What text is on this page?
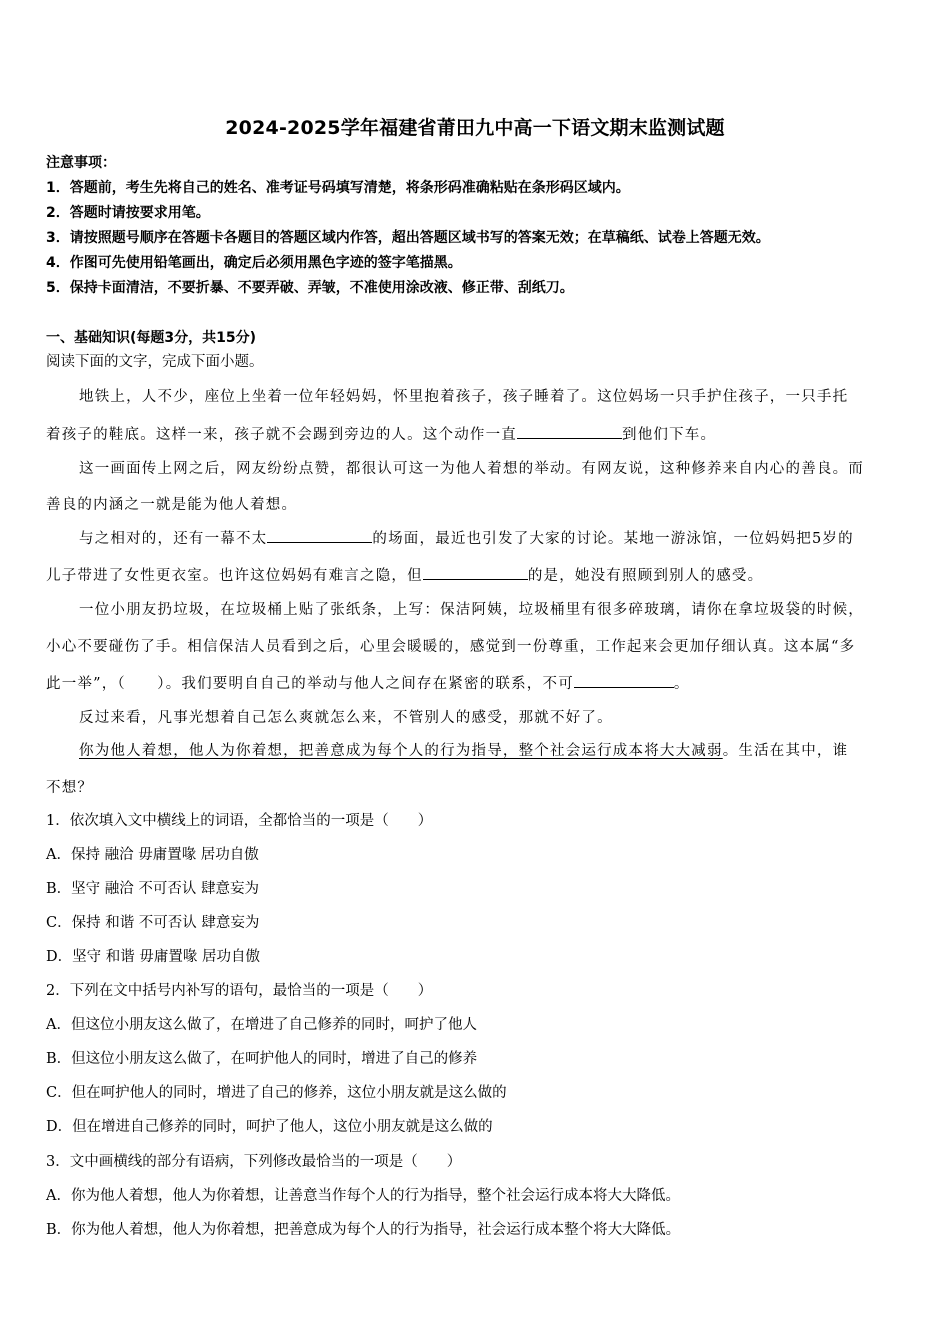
2024-2025学年福建省莆田九中高一下语文期末监测试题
注意事项：
1．答题前，考生先将自己的姓名、准考证号码填写清楚，将条形码准确粘贴在条形码区域内。
2．答题时请按要求用笔。
3．请按照题号顺序在答题卡各题目的答题区域内作答，超出答题区域书写的答案无效；在草稿纸、试卷上答题无效。
4．作图可先使用铅笔画出，确定后必须用黑色字迹的签字笔描黑。
5．保持卡面清洁，不要折暴、不要弄破、弄皱，不准使用涂改液、修正带、刮纸刀。
一、基础知识(每题3分，共15分)
阅读下面的文字，完成下面小题。
地铁上，人不少，座位上坐着一位年轻妈妈，怀里抱着孩子，孩子睡着了。这位妈场一只手护住孩子，一只手托
着孩子的鞋底。这样一来，孩子就不会踢到旁边的人。这个动作一直	到他们下车。
这一画面传上网之后，网友纷纷点赞，都很认可这一为他人着想的举动。有网友说，这种修养来自内心的善良。而
善良的内涵之一就是能为他人着想。
与之相对的，还有一幕不太	的场面，最近也引发了大家的讨论。某地一游泳馆，一位妈妈把5岁的
儿子带进了女性更衣室。也许这位妈妈有难言之隐，但	的是，她没有照顾到别人的感受。
一位小朋友扔垃圾，在垃圾桶上贴了张纸条，上写：保洁阿姨，垃圾桶里有很多碎玻璃，请你在拿垃圾袋的时候，
小心不要碰伤了手。相信保洁人员看到之后，心里会暖暖的，感觉到一份尊重，工作起来会更加仔细认真。这本属“多
此一举”，（　　）。我们要明自自己的举动与他人之间存在紧密的联系，不可	。
反过来看，凡事光想着自己怎么爽就怎么来，不管别人的感受，那就不好了。
你为他人着想，他人为你着想，把善意成为每个人的行为指导，整个社会运行成本将大大减弱。生活在其中，谁
不想？
1．依次填入文中横线上的词语，全都恰当的一项是（　　）
A．保持 融洽 毋庸置喙 居功自傲
B．坚守 融洽 不可否认 肆意妄为
C．保持 和谐 不可否认 肆意妄为
D．坚守 和谐 毋庸置喙 居功自傲
2．下列在文中括号内补写的语句，最恰当的一项是（　　）
A．但这位小朋友这么做了，在增进了自己修养的同时，呵护了他人
B．但这位小朋友这么做了，在呵护他人的同时，增进了自己的修养
C．但在呵护他人的同时，增进了自己的修养，这位小朋友就是这么做的
D．但在增进自己修养的同时，呵护了他人，这位小朋友就是这么做的
3．文中画横线的部分有语病，下列修改最恰当的一项是（　　）
A．你为他人着想，他人为你着想，让善意当作每个人的行为指导，整个社会运行成本将大大降低。
B．你为他人着想，他人为你着想，把善意成为每个人的行为指导，社会运行成本整个将大大降低。
